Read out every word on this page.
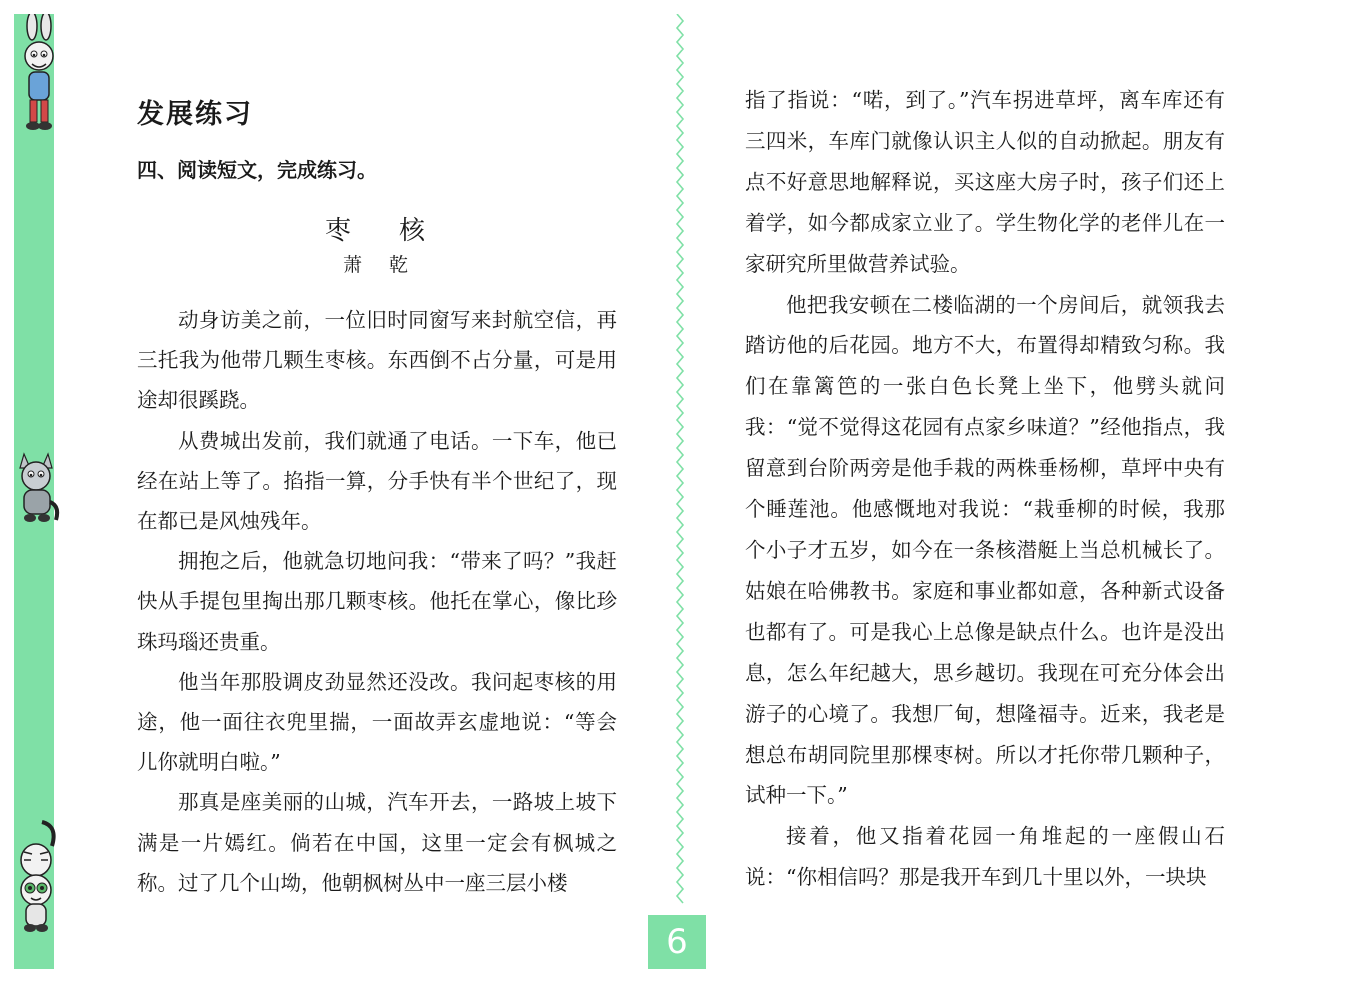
发展练习
四、阅读短文，完成练习。
枣 核
萧 乾

动身访美之前，一位旧时同窗写来封航空信，再三托我为他带几颗生枣核。东西倒不占分量，可是用途却很蹊跷。

从费城出发前，我们就通了电话。一下车，他已经在站上等了。掐指一算，分手快有半个世纪了，现在都已是风烛残年。

拥抱之后，他就急切地问我：“带来了吗？”我赶快从手提包里掏出那几颗枣核。他托在掌心，像比珍珠玛瑙还贵重。

他当年那股调皮劲显然还没改。我问起枣核的用途，他一面往衣兜里揣，一面故弄玄虚地说：“等会儿你就明白啦。”

那真是座美丽的山城，汽车开去，一路坡上坡下满是一片嫣红。倘若在中国，这里一定会有枫城之称。过了几个山坳，他朝枫树丛中一座三层小楼

指了指说：“喏，到了。”汽车拐进草坪，离车库还有三四米，车库门就像认识主人似的自动掀起。朋友有点不好意思地解释说，买这座大房子时，孩子们还上着学，如今都成家立业了。学生物化学的老伴儿在一家研究所里做营养试验。

他把我安顿在二楼临湖的一个房间后，就领我去踏访他的后花园。地方不大，布置得却精致匀称。我们在靠篱笆的一张白色长凳上坐下，他劈头就问我：“觉不觉得这花园有点家乡味道？”经他指点，我留意到台阶两旁是他手栽的两株垂杨柳，草坪中央有个睡莲池。他感慨地对我说：“栽垂柳的时候，我那个小子才五岁，如今在一条核潜艇上当总机械长了。姑娘在哈佛教书。家庭和事业都如意，各种新式设备也都有了。可是我心上总像是缺点什么。也许是没出息，怎么年纪越大，思乡越切。我现在可充分体会出游子的心境了。我想厂甸，想隆福寺。近来，我老是想总布胡同院里那棵枣树。所以才托你带几颗种子，试种一下。”

接着，他又指着花园一角堆起的一座假山石说：“你相信吗？那是我开车到几十里以外，一块块

6
